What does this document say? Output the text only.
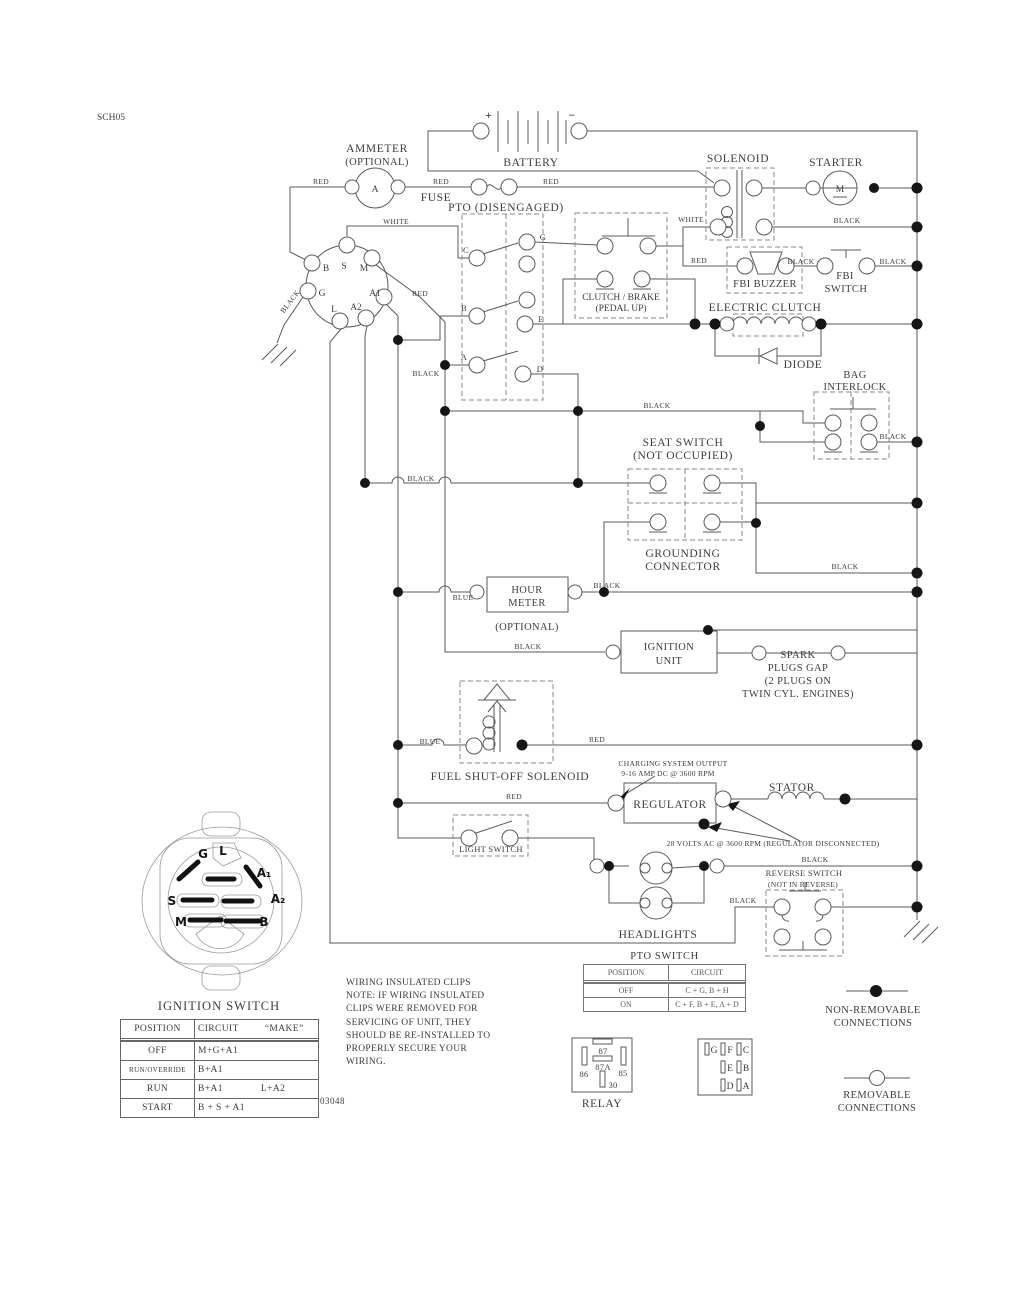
SCH05	+	−
BATTERY
AMMETER
(OPTIONAL)
A
FUSE
PTO (DISENGAGED)
SOLENOID	STARTER
M
FBI BUZZER
FBI
SWITCH
ELECTRIC CLUTCH
CLUTCH / BRAKE
(PEDAL UP)
DIODE
BAG
INTERLOCK
SEAT SWITCH
(NOT OCCUPIED)
GROUNDING
CONNECTOR
HOUR
METER
(OPTIONAL)
IGNITION
UNIT
SPARK
PLUGS GAP
(2 PLUGS ON
TWIN CYL. ENGINES)
FUEL SHUT-OFF SOLENOID
CHARGING SYSTEM OUTPUT
9-16 AMP DC @ 3600 RPM
REGULATOR
STATOR
28 VOLTS AC @ 3600 RPM (REGULATOR DISCONNECTED)
LIGHT SWITCH
HEADLIGHTS
REVERSE SWITCH
(NOT IN REVERSE)
S
B	M
G	A1
A2
L
C
G
B
E
A
D
RED	RED	RED
RED
RED
RED
RED
WHITE	WHITE
BLUE
BLUE
BLACK
BLACK
BLACK	BLACK
BLACK
BLACK
BLACK
BLACK
BLACK
BLACK
BLACK
BLACK
BLACK
NON-REMOVABLE
CONNECTIONS
REMOVABLE
CONNECTIONS
G L
A₁
A₂
S
M	B
IGNITION SWITCH
87
87A
86	85
30
RELAY
G F C
E B
D A
POSITION	CIRCUIT	“MAKE”
OFF	M+G+A1
RUN/OVERRIDE	B+A1
RUN	B+A1	L+A2
START	B + S + A1
03048
WIRING INSULATED CLIPS
NOTE: IF WIRING INSULATED
CLIPS WERE REMOVED FOR
SERVICING OF UNIT, THEY
SHOULD BE RE-INSTALLED TO
PROPERLY SECURE YOUR
WIRING.
PTO SWITCH
POSITION	CIRCUIT
OFF	C + G, B + H
ON	C + F, B + E, A + D
